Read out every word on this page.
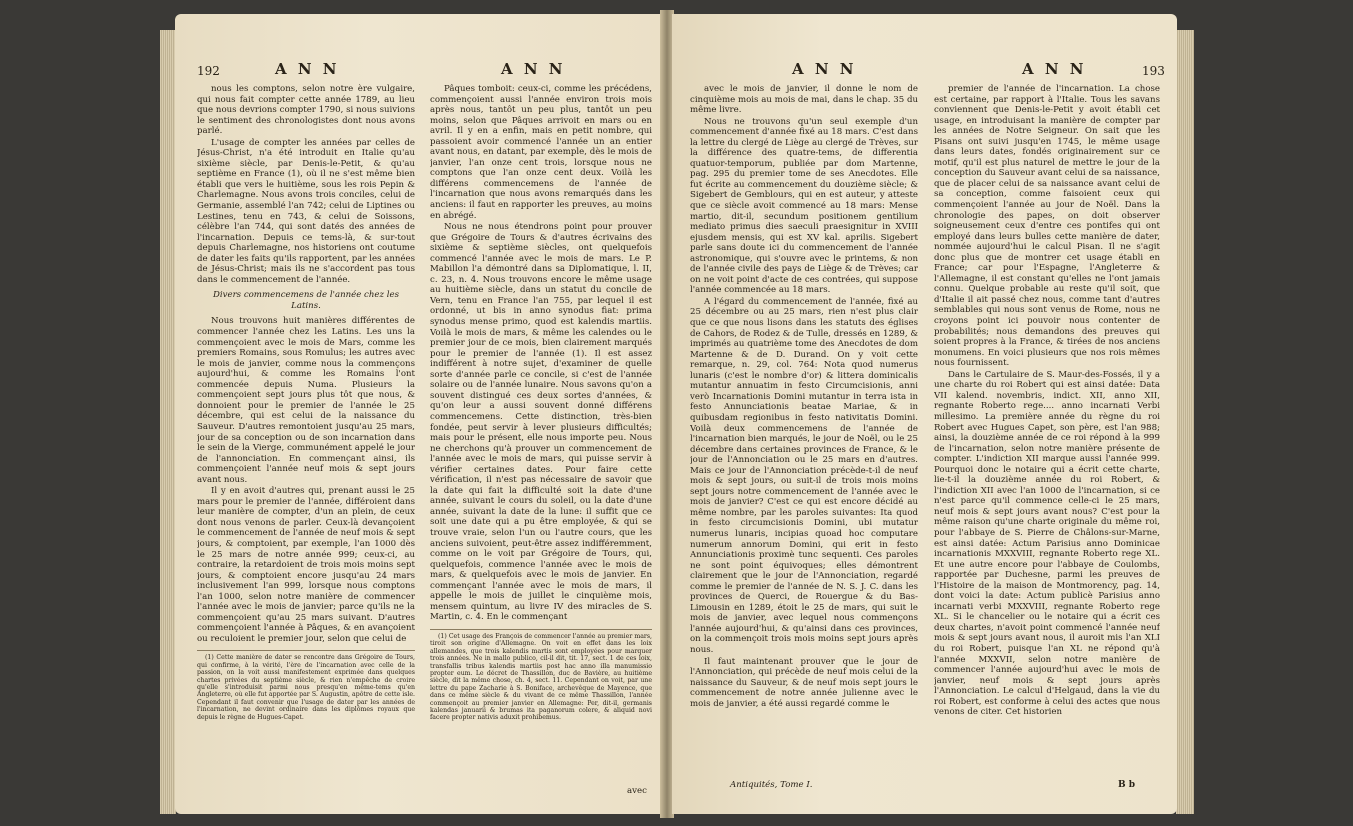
192	A N N	A N N

nous les comptons, selon notre ère vulgaire, qui nous fait compter cette année 1789, au lieu que nous devrions compter 1790, si nous suivions le sentiment des chronologistes dont nous avons parlé.

L'usage de compter les années par celles de Jésus-Christ, n'a été introduit en Italie qu'au sixième siècle, par Denis-le-Petit, & qu'au septième en France (1), où il ne s'est même bien établi que vers le huitième, sous les rois Pepin & Charlemagne. Nous avons trois conciles, celui de Germanie, assemblé l'an 742; celui de Liptines ou Lestines, tenu en 743, & celui de Soissons, célèbre l'an 744, qui sont datés des années de l'incarnation. Depuis ce tems-là, & sur-tout depuis Charlemagne, nos historiens ont coutume de dater les faits qu'ils rapportent, par les années de Jésus-Christ; mais ils ne s'accordent pas tous dans le commencement de l'année.

Divers commencemens de l'année chez les Latins.

Nous trouvons huit manières différentes de commencer l'année chez les Latins. Les uns la commençoient avec le mois de Mars, comme les premiers Romains, sous Romulus; les autres avec le mois de janvier, comme nous la commençons aujourd'hui, & comme les Romains l'ont commencée depuis Numa. Plusieurs la commençoient sept jours plus tôt que nous, & donnoient pour le premier de l'année le 25 décembre, qui est celui de la naissance du Sauveur. D'autres remontoient jusqu'au 25 mars, jour de sa conception ou de son incarnation dans le sein de la Vierge, communément appelé le jour de l'annonciation. En commençant ainsi, ils commençoient l'année neuf mois & sept jours avant nous.

Il y en avoit d'autres qui, prenant aussi le 25 mars pour le premier de l'année, différoient dans leur manière de compter, d'un an plein, de ceux dont nous venons de parler. Ceux-là devançoient le commencement de l'année de neuf mois & sept jours, & comptoient, par exemple, l'an 1000 dès le 25 mars de notre année 999; ceux-ci, au contraire, la retardoient de trois mois moins sept jours, & comptoient encore jusqu'au 24 mars inclusivement l'an 999, lorsque nous comptons l'an 1000, selon notre manière de commencer l'année avec le mois de janvier; parce qu'ils ne la commençoient qu'au 25 mars suivant. D'autres commençoient l'année à Pâques, & en avançoient ou reculoient le premier jour, selon que celui de

(1) Cette manière de dater se rencontre dans Grégoire de Tours, qui confirme, à la vérité, l'ère de l'incarnation avec celle de la passion, on la voit aussi manifestement exprimée dans quelques chartes privées du septième siècle, & rien n'empêche de croire qu'elle s'introduisit parmi nous presqu'en même-tems qu'en Angleterre, où elle fut apportée par S. Augustin, apôtre de cette isle. Cependant il faut convenir que l'usage de dater par les années de l'incarnation, ne devint ordinaire dans les diplômes royaux que depuis le règne de Hugues-Capet.

Pâques tomboit: ceux-ci, comme les précédens, commençoient aussi l'année environ trois mois après nous, tantôt un peu plus, tantôt un peu moins, selon que Pâques arrivoit en mars ou en avril. Il y en a enfin, mais en petit nombre, qui passoient avoir commencé l'année un an entier avant nous, en datant, par exemple, dès le mois de janvier, l'an onze cent trois, lorsque nous ne comptons que l'an onze cent deux. Voilà les différens commencemens de l'année de l'incarnation que nous avons remarqués dans les anciens: il faut en rapporter les preuves, au moins en abrégé.

Nous ne nous étendrons point pour prouver que Grégoire de Tours & d'autres écrivains des sixième & septième siècles, ont quelquefois commencé l'année avec le mois de mars. Le P. Mabillon l'a démontré dans sa Diplomatique, l. II, c. 23, n. 4. Nous trouvons encore le même usage au huitième siècle, dans un statut du concile de Vern, tenu en France l'an 755, par lequel il est ordonné, ut bis in anno synodus fiat: prima synodus mense primo, quod est kalendis martiis. Voilà le mois de mars, & même les calendes ou le premier jour de ce mois, bien clairement marqués pour le premier de l'année (1). Il est assez indifférent à notre sujet, d'examiner de quelle sorte d'année parle ce concile, si c'est de l'année solaire ou de l'année lunaire. Nous savons qu'on a souvent distingué ces deux sortes d'années, & qu'on leur a aussi souvent donné différens commencemens. Cette distinction, très-bien fondée, peut servir à lever plusieurs difficultés; mais pour le présent, elle nous importe peu. Nous ne cherchons qu'à prouver un commencement de l'année avec le mois de mars, qui puisse servir à vérifier certaines dates. Pour faire cette vérification, il n'est pas nécessaire de savoir que la date qui fait la difficulté soit la date d'une année, suivant le cours du soleil, ou la date d'une année, suivant la date de la lune: il suffit que ce soit une date qui a pu être employée, & qui se trouve vraie, selon l'un ou l'autre cours, que les anciens suivoient, peut-être assez indifféremment, comme on le voit par Grégoire de Tours, qui, quelquefois, commence l'année avec le mois de mars, & quelquefois avec le mois de janvier. En commençant l'année avec le mois de mars, il appelle le mois de juillet le cinquième mois, mensem quintum, au livre IV des miracles de S. Martin, c. 4. En le commençant

(1) Cet usage des François de commencer l'année au premier mars, tiroit son origine d'Allemagne. On voit en effet dans les loix allemandes, que trois kalendis martis sont employées pour marquer trois années. Ne in mallo publico, cil-il dit, tit. 17, sect. 1 de ces loix, transfallis tribus kalendis martiis post hac anno illa manumissio propter eum. Le décret de Thassillon, duc de Bavière, au huitième siècle, dit la même chose, ch. 4, sect. 11. Cependant on voit, par une lettre du pape Zacharie à S. Boniface, archevêque de Mayence, que dans ce même siècle & du vivant de ce même Thassillon, l'année commençoit au premier janvier en Allemagne: Per, dit-il, germanis kalendas januarii & brumas ita paganorum colere, & aliquid novi facere propter nativis aduxit prohibemus.

avec
A N N	A N N	193

avec le mois de janvier, il donne le nom de cinquième mois au mois de mai, dans le chap. 35 du même livre.

Nous ne trouvons qu'un seul exemple d'un commencement d'année fixé au 18 mars. C'est dans la lettre du clergé de Liège au clergé de Trèves, sur la différence des quatre-tems, de differentia quatuor-temporum, publiée par dom Martenne, pag. 295 du premier tome de ses Anecdotes. Elle fut écrite au commencement du douzième siècle; & Sigebert de Gemblours, qui en est auteur, y atteste que ce siècle avoit commencé au 18 mars: Mense martio, dit-il, secundum positionem gentilium mediato primus dies saeculi praesignitur in XVIII ejusdem mensis, qui est XV kal. aprilis. Sigebert parle sans doute ici du commencement de l'année astronomique, qui s'ouvre avec le printems, & non de l'année civile des pays de Liège & de Trèves; car on ne voit point d'acte de ces contrées, qui suppose l'année commencée au 18 mars.

A l'égard du commencement de l'année, fixé au 25 décembre ou au 25 mars, rien n'est plus clair que ce que nous lisons dans les statuts des églises de Cahors, de Rodez & de Tulle, dressés en 1289, & imprimés au quatrième tome des Anecdotes de dom Martenne & de D. Durand. On y voit cette remarque, n. 29, col. 764: Nota quod numerus lunaris (c'est le nombre d'or) & littera dominicalis mutantur annuatim in festo Circumcisionis, anni verò Incarnationis Domini mutantur in terra ista in festo Annunciationis beatae Mariae, & in quibusdam regionibus in festo nativitatis Domini. Voilà deux commencemens de l'année de l'incarnation bien marqués, le jour de Noël, ou le 25 décembre dans certaines provinces de France, & le jour de l'Annonciation ou le 25 mars en d'autres. Mais ce jour de l'Annonciation précède-t-il de neuf mois & sept jours, ou suit-il de trois mois moins sept jours notre commencement de l'année avec le mois de janvier? C'est ce qui est encore décidé au même nombre, par les paroles suivantes: Ita quod in festo circumcisionis Domini, ubi mutatur numerus lunaris, incipias quoad hoc computare numerum annorum Domini, qui erit in festo Annunciationis proximè tunc sequenti. Ces paroles ne sont point équivoques; elles démontrent clairement que le jour de l'Annonciation, regardé comme le premier de l'année de N. S. J. C. dans les provinces de Querci, de Rouergue & du Bas-Limousin en 1289, étoit le 25 de mars, qui suit le mois de janvier, avec lequel nous commençons l'année aujourd'hui, & qu'ainsi dans ces provinces, on la commençoit trois mois moins sept jours après nous.

Il faut maintenant prouver que le jour de l'Annonciation, qui précède de neuf mois celui de la naissance du Sauveur, & de neuf mois sept jours le commencement de notre année julienne avec le mois de janvier, a été aussi regardé comme le

Antiquités, Tome I.

premier de l'année de l'incarnation. La chose est certaine, par rapport à l'Italie. Tous les savans conviennent que Denis-le-Petit y avoit établi cet usage, en introduisant la manière de compter par les années de Notre Seigneur. On sait que les Pisans ont suivi jusqu'en 1745, le même usage dans leurs dates, fondés originairement sur ce motif, qu'il est plus naturel de mettre le jour de la conception du Sauveur avant celui de sa naissance, que de placer celui de sa naissance avant celui de sa conception, comme faisoient ceux qui commençoient l'année au jour de Noël. Dans la chronologie des papes, on doit observer soigneusement ceux d'entre ces pontifes qui ont employé dans leurs bulles cette manière de dater, nommée aujourd'hui le calcul Pisan. Il ne s'agit donc plus que de montrer cet usage établi en France; car pour l'Espagne, l'Angleterre & l'Allemagne, il est constant qu'elles ne l'ont jamais connu. Quelque probable au reste qu'il soit, que d'Italie il ait passé chez nous, comme tant d'autres semblables qui nous sont venus de Rome, nous ne croyons point ici pouvoir nous contenter de probabilités; nous demandons des preuves qui soient propres à la France, & tirées de nos anciens monumens. En voici plusieurs que nos rois mêmes nous fournissent.

Dans le Cartulaire de S. Maur-des-Fossés, il y a une charte du roi Robert qui est ainsi datée: Data VII kalend. novembris, indict. XII, anno XII, regnante Roberto rege.... anno incarnati Verbi millesimo. La première année du règne du roi Robert avec Hugues Capet, son père, est l'an 988; ainsi, la douzième année de ce roi répond à la 999 de l'incarnation, selon notre manière présente de compter. L'indiction XII marque aussi l'année 999. Pourquoi donc le notaire qui a écrit cette charte, lie-t-il la douzième année du roi Robert, & l'indiction XII avec l'an 1000 de l'incarnation, si ce n'est parce qu'il commence celle-ci le 25 mars, neuf mois & sept jours avant nous? C'est pour la même raison qu'une charte originale du même roi, pour l'abbaye de S. Pierre de Châlons-sur-Marne, est ainsi datée: Actum Parisius anno Dominicae incarnationis MXXVIII, regnante Roberto rege XL. Et une autre encore pour l'abbaye de Coulombs, rapportée par Duchesne, parmi les preuves de l'Histoire de la maison de Montmorency, pag. 14, dont voici la date: Actum publicè Parisius anno incarnati verbi MXXVIII, regnante Roberto rege XL. Si le chancelier ou le notaire qui a écrit ces deux chartes, n'avoit point commencé l'année neuf mois & sept jours avant nous, il auroit mis l'an XLI du roi Robert, puisque l'an XL ne répond qu'à l'année MXXVII, selon notre manière de commencer l'année aujourd'hui avec le mois de janvier, neuf mois & sept jours après l'Annonciation. Le calcul d'Helgaud, dans la vie du roi Robert, est conforme à celui des actes que nous venons de citer. Cet historien

B b
